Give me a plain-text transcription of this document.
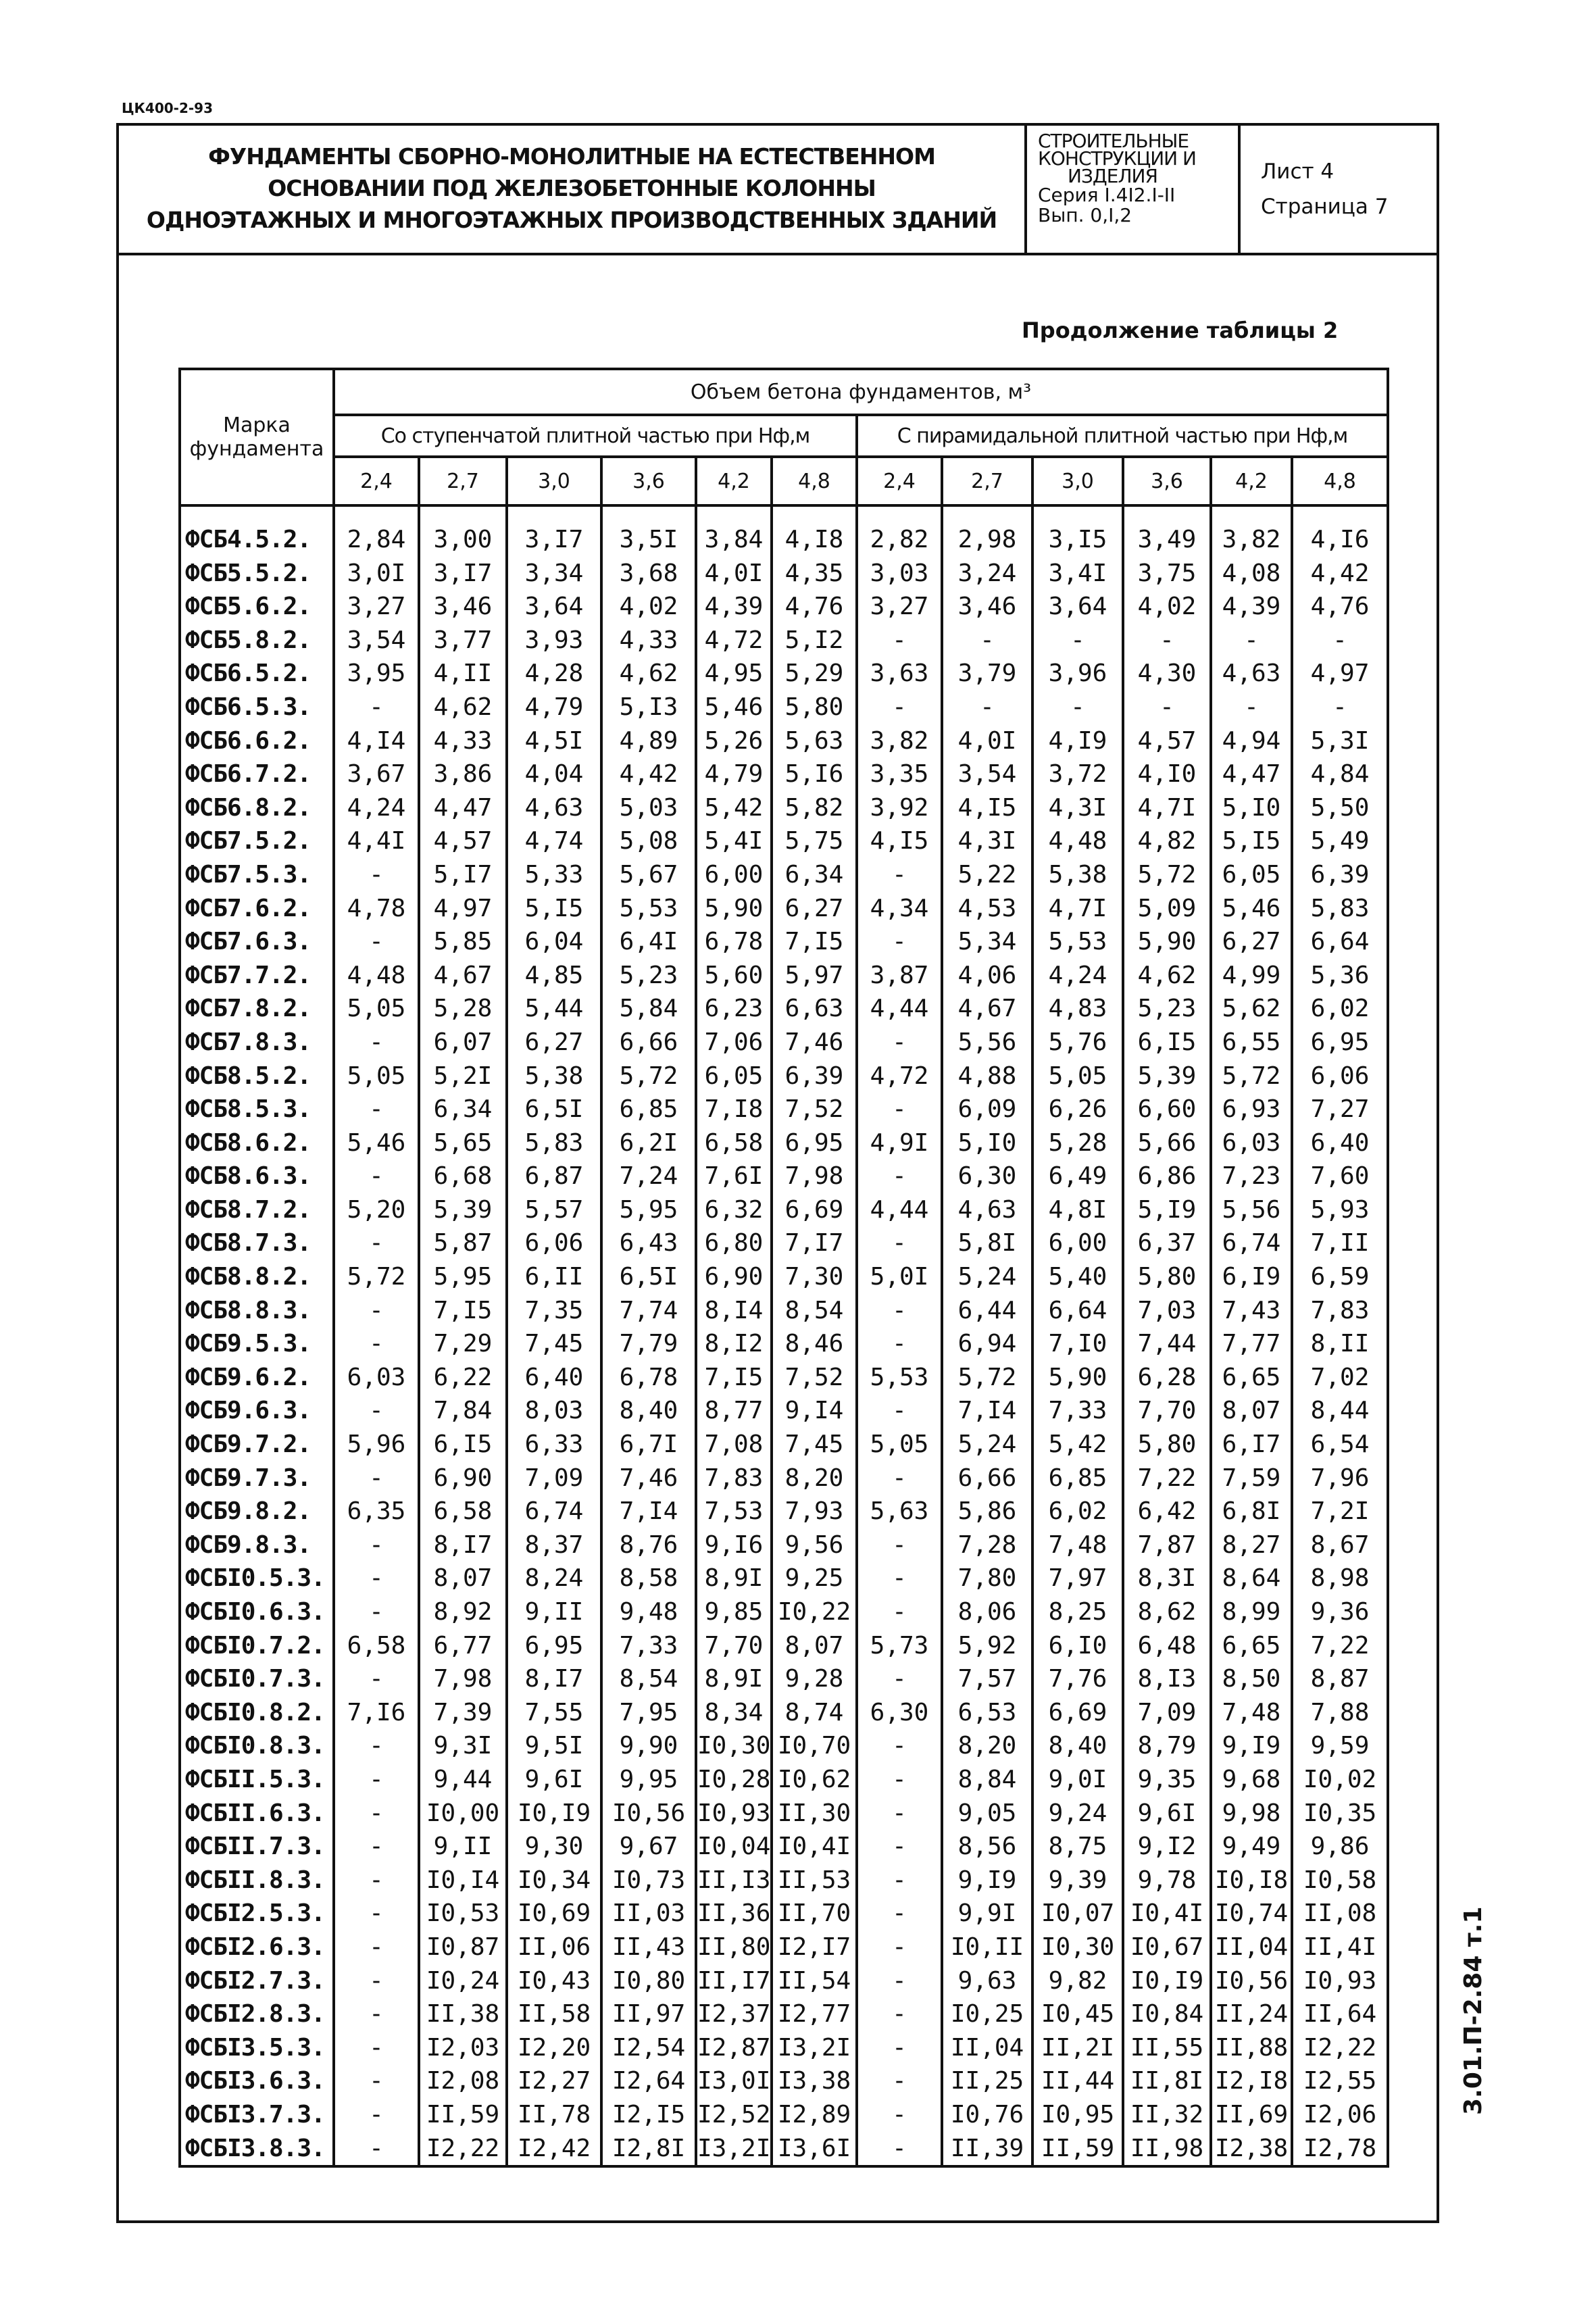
ЦК400-2-93
ФУНДАМЕНТЫ СБОРНО-МОНОЛИТНЫЕ НА ЕСТЕСТВЕННОМ
ОСНОВАНИИ ПОД ЖЕЛЕЗОБЕТОННЫЕ КОЛОННЫ
ОДНОЭТАЖНЫХ И МНОГОЭТАЖНЫХ ПРОИЗВОДСТВЕННЫХ ЗДАНИЙ
СТРОИТЕЛЬНЫЕ
КОНСТРУКЦИИ И
ИЗДЕЛИЯ
Серия I.4I2.I-II
Вып. 0,I,2
Лист 4
Страница 7
Продолжение таблицы 2
Марка фундамента	Объем бетона фундаментов, м³											
	Со ступенчатой плитной частью при Нф,м						С пирамидальной плитной частью при Нф,м					
	2,4	2,7	3,0	3,6	4,2	4,8	2,4	2,7	3,0	3,6	4,2	4,8
ФСБ4.5.2.	2,84	3,00	3,I7	3,5I	3,84	4,I8	2,82	2,98	3,I5	3,49	3,82	4,I6
ФСБ5.5.2.	3,0I	3,I7	3,34	3,68	4,0I	4,35	3,03	3,24	3,4I	3,75	4,08	4,42
ФСБ5.6.2.	3,27	3,46	3,64	4,02	4,39	4,76	3,27	3,46	3,64	4,02	4,39	4,76
ФСБ5.8.2.	3,54	3,77	3,93	4,33	4,72	5,I2	-	-	-	-	-	-
ФСБ6.5.2.	3,95	4,II	4,28	4,62	4,95	5,29	3,63	3,79	3,96	4,30	4,63	4,97
ФСБ6.5.3.	-	4,62	4,79	5,I3	5,46	5,80	-	-	-	-	-	-
ФСБ6.6.2.	4,I4	4,33	4,5I	4,89	5,26	5,63	3,82	4,0I	4,I9	4,57	4,94	5,3I
ФСБ6.7.2.	3,67	3,86	4,04	4,42	4,79	5,I6	3,35	3,54	3,72	4,I0	4,47	4,84
ФСБ6.8.2.	4,24	4,47	4,63	5,03	5,42	5,82	3,92	4,I5	4,3I	4,7I	5,I0	5,50
ФСБ7.5.2.	4,4I	4,57	4,74	5,08	5,4I	5,75	4,I5	4,3I	4,48	4,82	5,I5	5,49
ФСБ7.5.3.	-	5,I7	5,33	5,67	6,00	6,34	-	5,22	5,38	5,72	6,05	6,39
ФСБ7.6.2.	4,78	4,97	5,I5	5,53	5,90	6,27	4,34	4,53	4,7I	5,09	5,46	5,83
ФСБ7.6.3.	-	5,85	6,04	6,4I	6,78	7,I5	-	5,34	5,53	5,90	6,27	6,64
ФСБ7.7.2.	4,48	4,67	4,85	5,23	5,60	5,97	3,87	4,06	4,24	4,62	4,99	5,36
ФСБ7.8.2.	5,05	5,28	5,44	5,84	6,23	6,63	4,44	4,67	4,83	5,23	5,62	6,02
ФСБ7.8.3.	-	6,07	6,27	6,66	7,06	7,46	-	5,56	5,76	6,I5	6,55	6,95
ФСБ8.5.2.	5,05	5,2I	5,38	5,72	6,05	6,39	4,72	4,88	5,05	5,39	5,72	6,06
ФСБ8.5.3.	-	6,34	6,5I	6,85	7,I8	7,52	-	6,09	6,26	6,60	6,93	7,27
ФСБ8.6.2.	5,46	5,65	5,83	6,2I	6,58	6,95	4,9I	5,I0	5,28	5,66	6,03	6,40
ФСБ8.6.3.	-	6,68	6,87	7,24	7,6I	7,98	-	6,30	6,49	6,86	7,23	7,60
ФСБ8.7.2.	5,20	5,39	5,57	5,95	6,32	6,69	4,44	4,63	4,8I	5,I9	5,56	5,93
ФСБ8.7.3.	-	5,87	6,06	6,43	6,80	7,I7	-	5,8I	6,00	6,37	6,74	7,II
ФСБ8.8.2.	5,72	5,95	6,II	6,5I	6,90	7,30	5,0I	5,24	5,40	5,80	6,I9	6,59
ФСБ8.8.3.	-	7,I5	7,35	7,74	8,I4	8,54	-	6,44	6,64	7,03	7,43	7,83
ФСБ9.5.3.	-	7,29	7,45	7,79	8,I2	8,46	-	6,94	7,I0	7,44	7,77	8,II
ФСБ9.6.2.	6,03	6,22	6,40	6,78	7,I5	7,52	5,53	5,72	5,90	6,28	6,65	7,02
ФСБ9.6.3.	-	7,84	8,03	8,40	8,77	9,I4	-	7,I4	7,33	7,70	8,07	8,44
ФСБ9.7.2.	5,96	6,I5	6,33	6,7I	7,08	7,45	5,05	5,24	5,42	5,80	6,I7	6,54
ФСБ9.7.3.	-	6,90	7,09	7,46	7,83	8,20	-	6,66	6,85	7,22	7,59	7,96
ФСБ9.8.2.	6,35	6,58	6,74	7,I4	7,53	7,93	5,63	5,86	6,02	6,42	6,8I	7,2I
ФСБ9.8.3.	-	8,I7	8,37	8,76	9,I6	9,56	-	7,28	7,48	7,87	8,27	8,67
ФСБI0.5.3.	-	8,07	8,24	8,58	8,9I	9,25	-	7,80	7,97	8,3I	8,64	8,98
ФСБI0.6.3.	-	8,92	9,II	9,48	9,85	I0,22	-	8,06	8,25	8,62	8,99	9,36
ФСБI0.7.2.	6,58	6,77	6,95	7,33	7,70	8,07	5,73	5,92	6,I0	6,48	6,65	7,22
ФСБI0.7.3.	-	7,98	8,I7	8,54	8,9I	9,28	-	7,57	7,76	8,I3	8,50	8,87
ФСБI0.8.2.	7,I6	7,39	7,55	7,95	8,34	8,74	6,30	6,53	6,69	7,09	7,48	7,88
ФСБI0.8.3.	-	9,3I	9,5I	9,90	I0,30	I0,70	-	8,20	8,40	8,79	9,I9	9,59
ФСБII.5.3.	-	9,44	9,6I	9,95	I0,28	I0,62	-	8,84	9,0I	9,35	9,68	I0,02
ФСБII.6.3.	-	I0,00	I0,I9	I0,56	I0,93	II,30	-	9,05	9,24	9,6I	9,98	I0,35
ФСБII.7.3.	-	9,II	9,30	9,67	I0,04	I0,4I	-	8,56	8,75	9,I2	9,49	9,86
ФСБII.8.3.	-	I0,I4	I0,34	I0,73	II,I3	II,53	-	9,I9	9,39	9,78	I0,I8	I0,58
ФСБI2.5.3.	-	I0,53	I0,69	II,03	II,36	II,70	-	9,9I	I0,07	I0,4I	I0,74	II,08
ФСБI2.6.3.	-	I0,87	II,06	II,43	II,80	I2,I7	-	I0,II	I0,30	I0,67	II,04	II,4I
ФСБI2.7.3.	-	I0,24	I0,43	I0,80	II,I7	II,54	-	9,63	9,82	I0,I9	I0,56	I0,93
ФСБI2.8.3.	-	II,38	II,58	II,97	I2,37	I2,77	-	I0,25	I0,45	I0,84	II,24	II,64
ФСБI3.5.3.	-	I2,03	I2,20	I2,54	I2,87	I3,2I	-	II,04	II,2I	II,55	II,88	I2,22
ФСБI3.6.3.	-	I2,08	I2,27	I2,64	I3,0I	I3,38	-	II,25	II,44	II,8I	I2,I8	I2,55
ФСБI3.7.3.	-	II,59	II,78	I2,I5	I2,52	I2,89	-	I0,76	I0,95	II,32	II,69	I2,06
ФСБI3.8.3.	-	I2,22	I2,42	I2,8I	I3,2I	I3,6I	-	II,39	II,59	II,98	I2,38	I2,78
3.01.П-2.84 т.1
